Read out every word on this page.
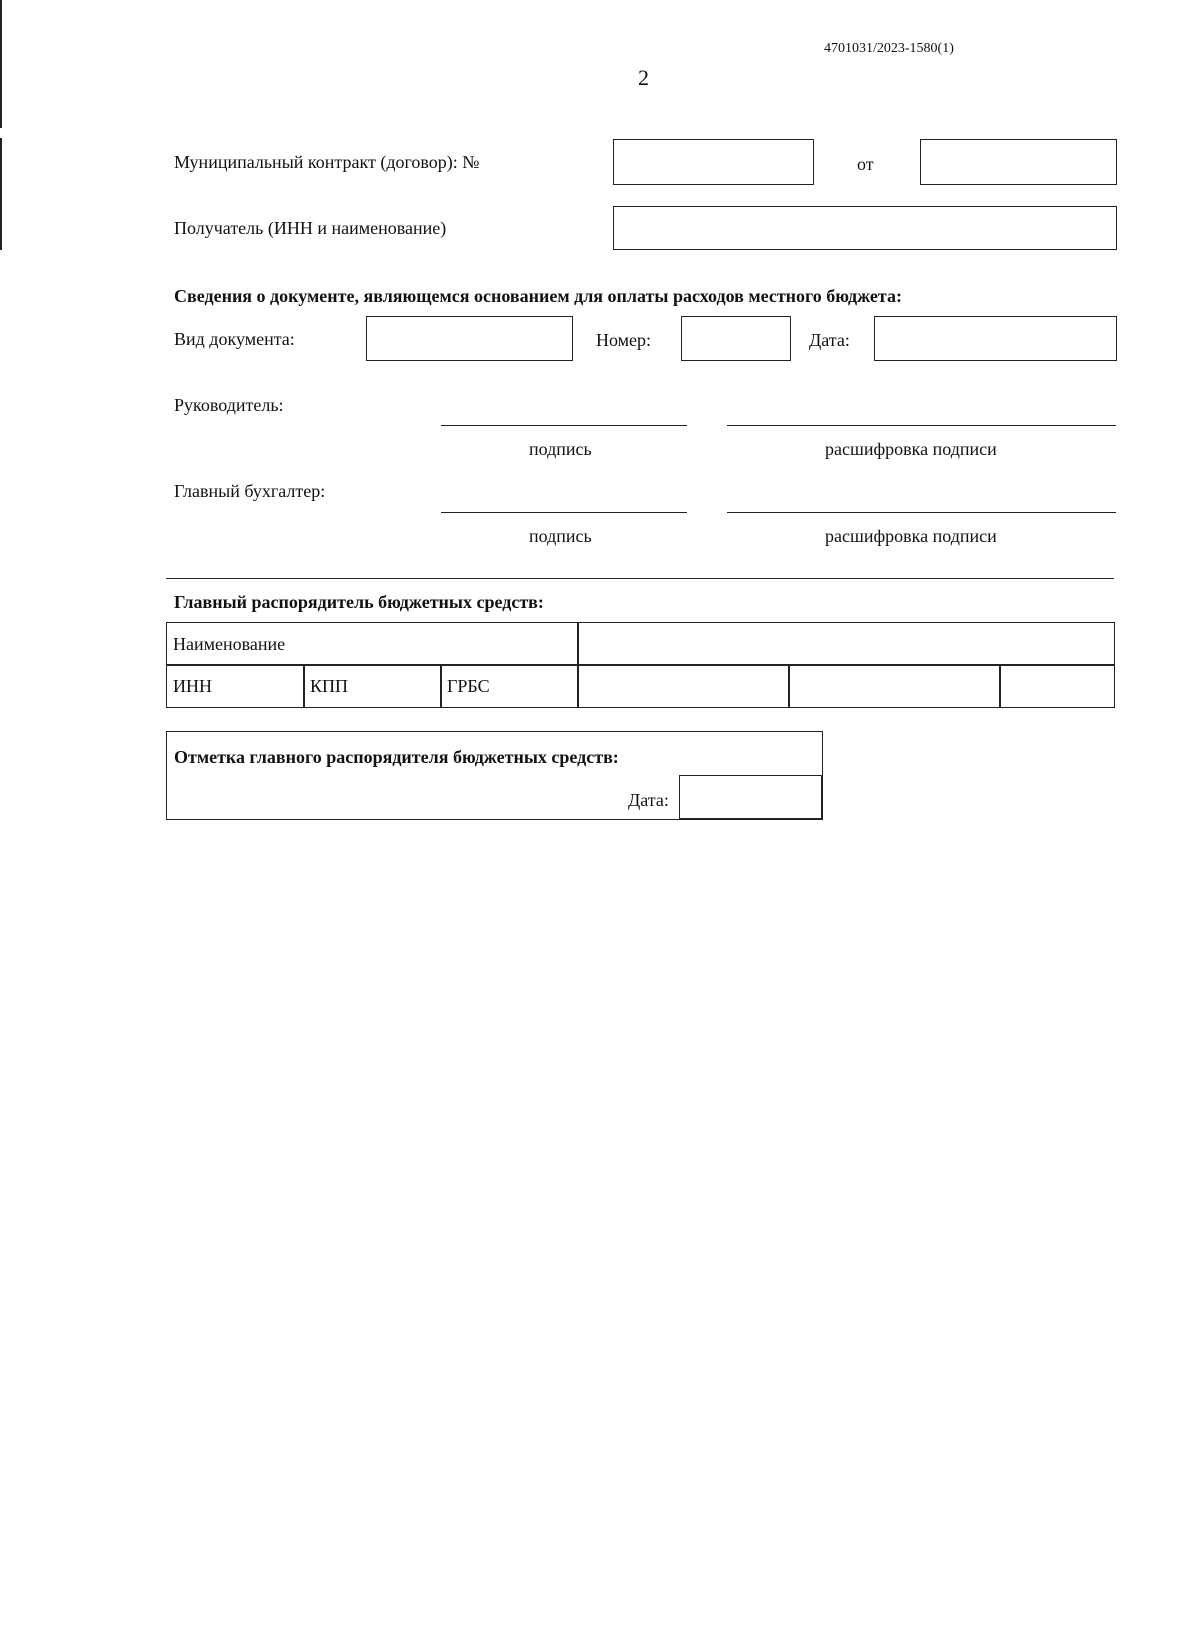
4701031/2023-1580(1)
2
Муниципальный контракт (договор): №	от
Получатель (ИНН и наименование)
Сведения о документе, являющемся основанием для оплаты расходов местного бюджета:
Вид документа:	Номер:	Дата:
Руководитель:
подпись	расшифровка подписи
Главный бухгалтер:
подпись	расшифровка подписи
Главный распорядитель бюджетных средств:
Наименование
ИНН	КПП	ГРБС
Отметка главного распорядителя бюджетных средств:
Дата:
